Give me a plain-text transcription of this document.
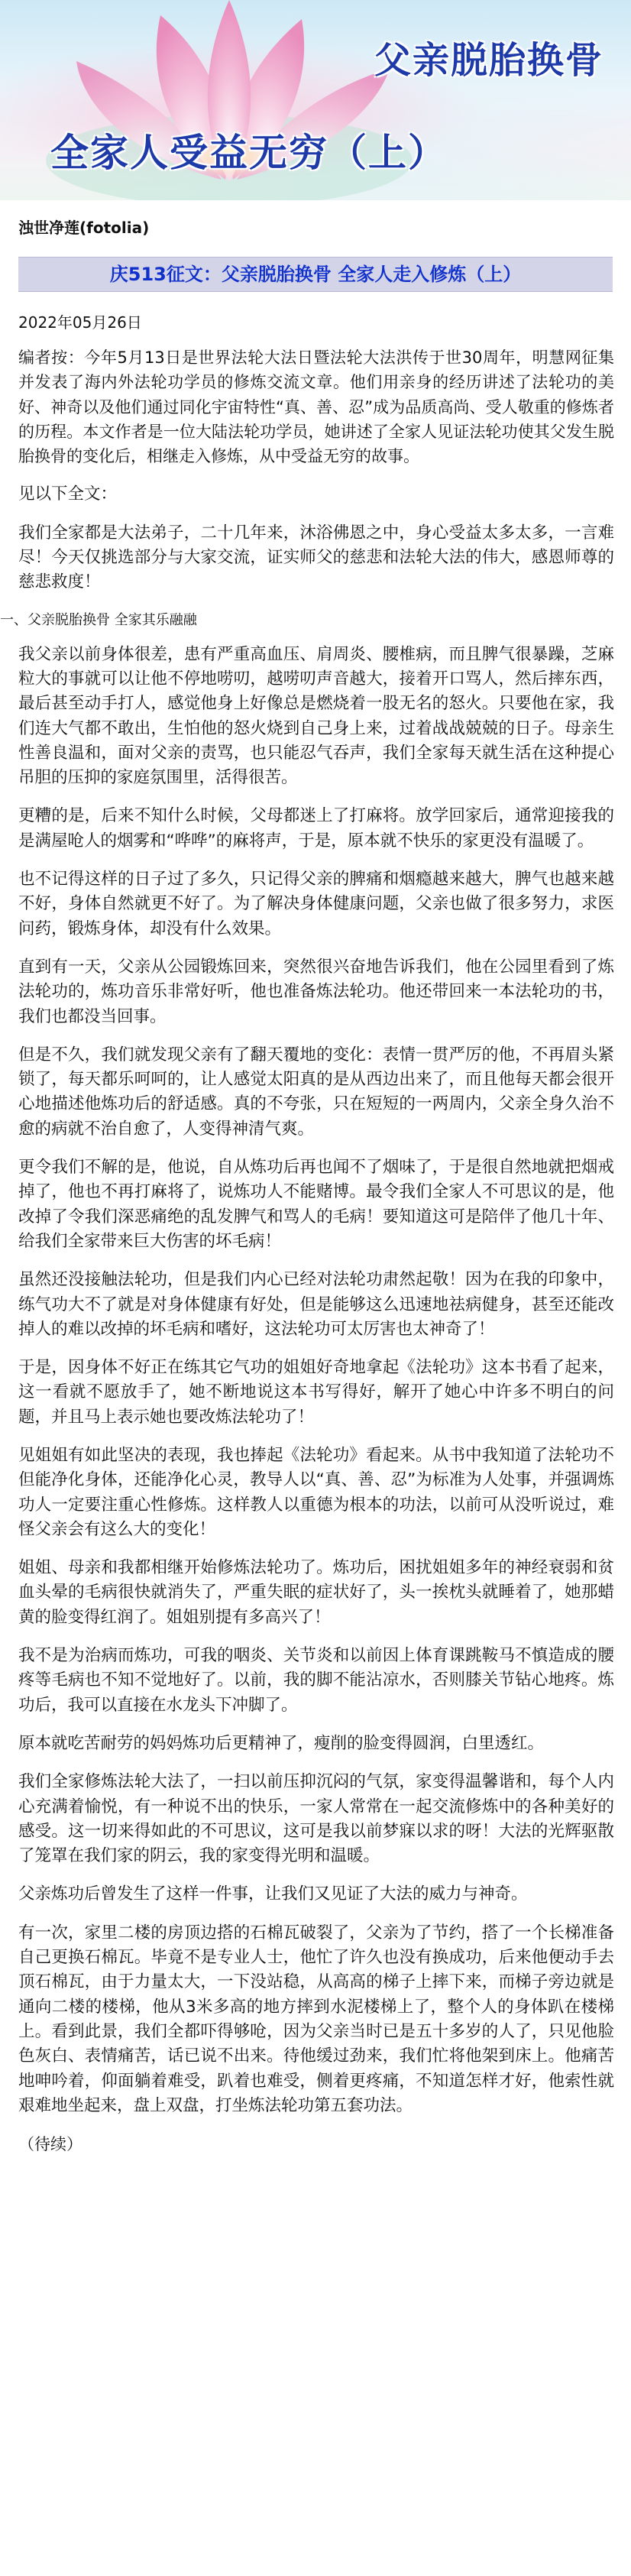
父亲脱胎换骨
全家人受益无穷（上）
浊世净莲(fotolia)
庆513征文：父亲脱胎换骨 全家人走入修炼（上）
2022年05月26日

编者按：今年5月13日是世界法轮大法日暨法轮大法洪传于世30周年，明慧网征集并发表了海内外法轮功学员的修炼交流文章。他们用亲身的经历讲述了法轮功的美好、神奇以及他们通过同化宇宙特性“真、善、忍”成为品质高尚、受人敬重的修炼者的历程。本文作者是一位大陆法轮功学员，她讲述了全家人见证法轮功使其父发生脱胎换骨的变化后，相继走入修炼，从中受益无穷的故事。

见以下全文：

我们全家都是大法弟子，二十几年来，沐浴佛恩之中，身心受益太多太多，一言难尽！今天仅挑选部分与大家交流，证实师父的慈悲和法轮大法的伟大，感恩师尊的慈悲救度！

一、父亲脱胎换骨 全家其乐融融

我父亲以前身体很差，患有严重高血压、肩周炎、腰椎病，而且脾气很暴躁，芝麻粒大的事就可以让他不停地唠叨，越唠叨声音越大，接着开口骂人，然后摔东西，最后甚至动手打人，感觉他身上好像总是燃烧着一股无名的怒火。只要他在家，我们连大气都不敢出，生怕他的怒火烧到自己身上来，过着战战兢兢的日子。母亲生性善良温和，面对父亲的责骂，也只能忍气吞声，我们全家每天就生活在这种提心吊胆的压抑的家庭氛围里，活得很苦。

更糟的是，后来不知什么时候，父母都迷上了打麻将。放学回家后，通常迎接我的是满屋呛人的烟雾和“哗哗”的麻将声，于是，原本就不快乐的家更没有温暖了。

也不记得这样的日子过了多久，只记得父亲的脾痛和烟瘾越来越大，脾气也越来越不好，身体自然就更不好了。为了解决身体健康问题，父亲也做了很多努力，求医问药，锻炼身体，却没有什么效果。

直到有一天，父亲从公园锻炼回来，突然很兴奋地告诉我们，他在公园里看到了炼法轮功的，炼功音乐非常好听，他也准备炼法轮功。他还带回来一本法轮功的书，我们也都没当回事。

但是不久，我们就发现父亲有了翻天覆地的变化：表情一贯严厉的他，不再眉头紧锁了，每天都乐呵呵的，让人感觉太阳真的是从西边出来了，而且他每天都会很开心地描述他炼功后的舒适感。真的不夸张，只在短短的一两周内，父亲全身久治不愈的病就不治自愈了，人变得神清气爽。

更令我们不解的是，他说，自从炼功后再也闻不了烟味了，于是很自然地就把烟戒掉了，他也不再打麻将了，说炼功人不能赌博。最令我们全家人不可思议的是，他改掉了令我们深恶痛绝的乱发脾气和骂人的毛病！要知道这可是陪伴了他几十年、给我们全家带来巨大伤害的坏毛病！

虽然还没接触法轮功，但是我们内心已经对法轮功肃然起敬！因为在我的印象中，练气功大不了就是对身体健康有好处，但是能够这么迅速地祛病健身，甚至还能改掉人的难以改掉的坏毛病和嗜好，这法轮功可太厉害也太神奇了！

于是，因身体不好正在练其它气功的姐姐好奇地拿起《法轮功》这本书看了起来，这一看就不愿放手了，她不断地说这本书写得好，解开了她心中许多不明白的问题，并且马上表示她也要改炼法轮功了！

见姐姐有如此坚决的表现，我也捧起《法轮功》看起来。从书中我知道了法轮功不但能净化身体，还能净化心灵，教导人以“真、善、忍”为标准为人处事，并强调炼功人一定要注重心性修炼。这样教人以重德为根本的功法，以前可从没听说过，难怪父亲会有这么大的变化！

姐姐、母亲和我都相继开始修炼法轮功了。炼功后，困扰姐姐多年的神经衰弱和贫血头晕的毛病很快就消失了，严重失眠的症状好了，头一挨枕头就睡着了，她那蜡黄的脸变得红润了。姐姐别提有多高兴了！

我不是为治病而炼功，可我的咽炎、关节炎和以前因上体育课跳鞍马不慎造成的腰疼等毛病也不知不觉地好了。以前，我的脚不能沾凉水，否则膝关节钻心地疼。炼功后，我可以直接在水龙头下冲脚了。

原本就吃苦耐劳的妈妈炼功后更精神了，瘦削的脸变得圆润，白里透红。

我们全家修炼法轮大法了，一扫以前压抑沉闷的气氛，家变得温馨谐和，每个人内心充满着愉悦，有一种说不出的快乐，一家人常常在一起交流修炼中的各种美好的感受。这一切来得如此的不可思议，这可是我以前梦寐以求的呀！大法的光辉驱散了笼罩在我们家的阴云，我的家变得光明和温暖。

父亲炼功后曾发生了这样一件事，让我们又见证了大法的威力与神奇。

有一次，家里二楼的房顶边搭的石棉瓦破裂了，父亲为了节约，搭了一个长梯准备自己更换石棉瓦。毕竟不是专业人士，他忙了许久也没有换成功，后来他便动手去顶石棉瓦，由于力量太大，一下没站稳，从高高的梯子上摔下来，而梯子旁边就是通向二楼的楼梯，他从3米多高的地方摔到水泥楼梯上了，整个人的身体趴在楼梯上。看到此景，我们全都吓得够呛，因为父亲当时已是五十多岁的人了，只见他脸色灰白、表情痛苦，话已说不出来。待他缓过劲来，我们忙将他架到床上。他痛苦地呻吟着，仰面躺着难受，趴着也难受，侧着更疼痛，不知道怎样才好，他索性就艰难地坐起来，盘上双盘，打坐炼法轮功第五套功法。

（待续）
